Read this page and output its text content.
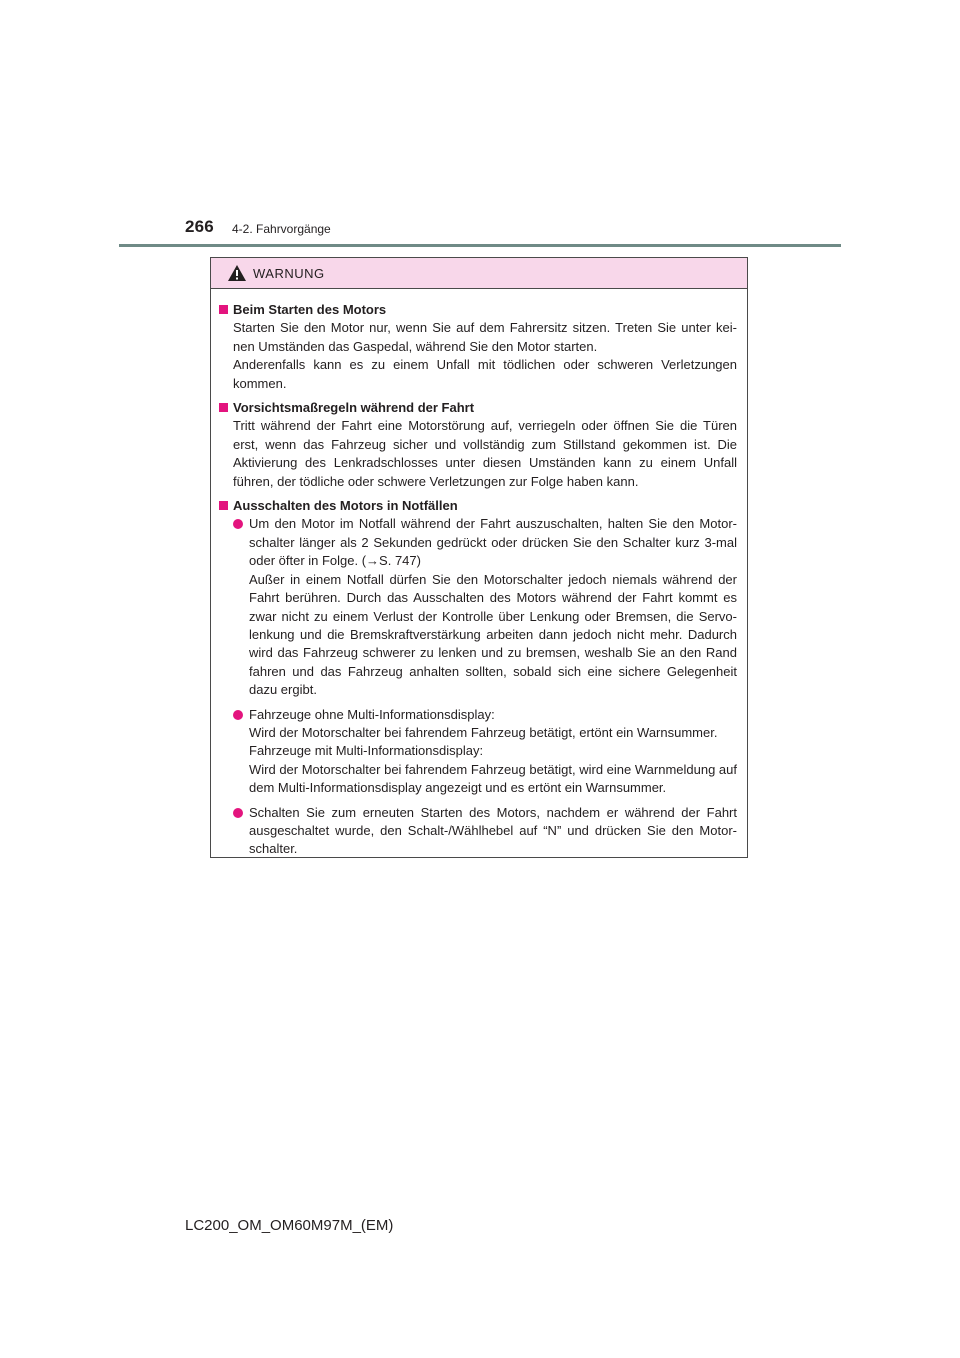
266 4-2. Fahrvorgänge
WARNUNG
Beim Starten des Motors

Starten Sie den Motor nur, wenn Sie auf dem Fahrersitz sitzen. Treten Sie unter kei-nen Umständen das Gaspedal, während Sie den Motor starten.

Anderenfalls kann es zu einem Unfall mit tödlichen oder schweren Verletzungen kommen.

Vorsichtsmaßregeln während der Fahrt

Tritt während der Fahrt eine Motorstörung auf, verriegeln oder öffnen Sie die Türen erst, wenn das Fahrzeug sicher und vollständig zum Stillstand gekommen ist. Die Aktivierung des Lenkradschlosses unter diesen Umständen kann zu einem Unfall führen, der tödliche oder schwere Verletzungen zur Folge haben kann.

Ausschalten des Motors in Notfällen

Um den Motor im Notfall während der Fahrt auszuschalten, halten Sie den Motor-schalter länger als 2 Sekunden gedrückt oder drücken Sie den Schalter kurz 3-mal oder öfter in Folge. (→S. 747)

Außer in einem Notfall dürfen Sie den Motorschalter jedoch niemals während der Fahrt berühren. Durch das Ausschalten des Motors während der Fahrt kommt es zwar nicht zu einem Verlust der Kontrolle über Lenkung oder Bremsen, die Servo-lenkung und die Bremskraftverstärkung arbeiten dann jedoch nicht mehr. Dadurch wird das Fahrzeug schwerer zu lenken und zu bremsen, weshalb Sie an den Rand fahren und das Fahrzeug anhalten sollten, sobald sich eine sichere Gelegenheit dazu ergibt.

Fahrzeuge ohne Multi-Informationsdisplay:

Wird der Motorschalter bei fahrendem Fahrzeug betätigt, ertönt ein Warnsummer.

Fahrzeuge mit Multi-Informationsdisplay:

Wird der Motorschalter bei fahrendem Fahrzeug betätigt, wird eine Warnmeldung auf dem Multi-Informationsdisplay angezeigt und es ertönt ein Warnsummer.

Schalten Sie zum erneuten Starten des Motors, nachdem er während der Fahrt ausgeschaltet wurde, den Schalt-/Wählhebel auf “N” und drücken Sie den Motor-schalter.

LC200_OM_OM60M97M_(EM)
